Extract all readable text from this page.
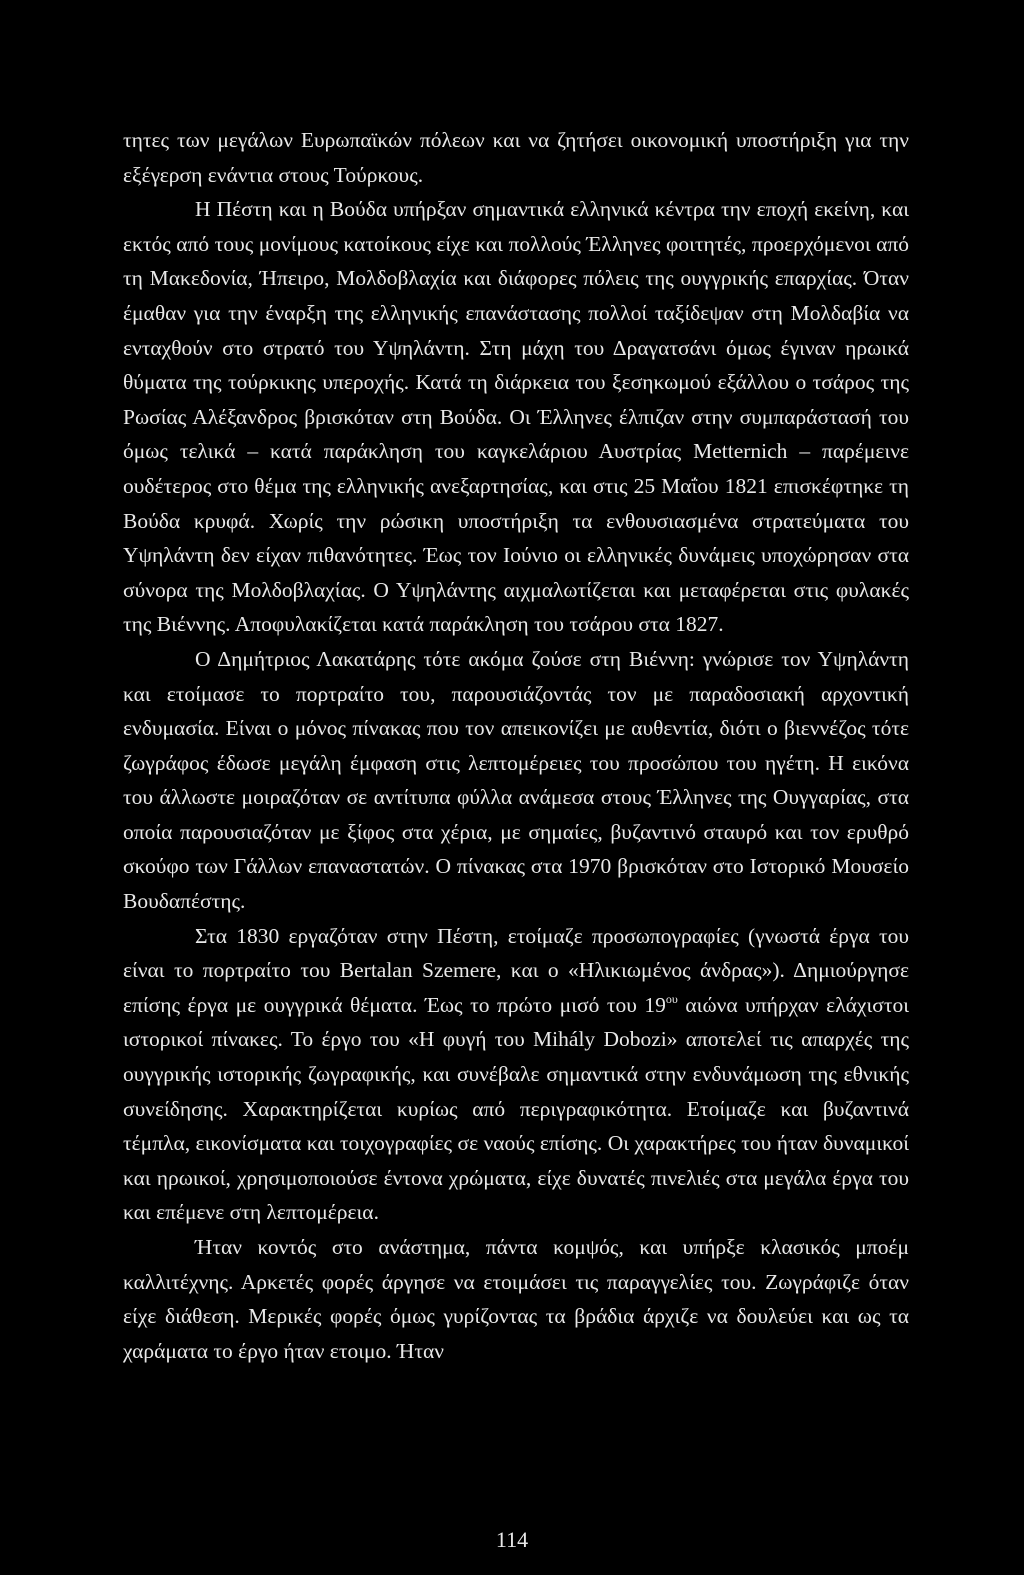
τητες των μεγάλων Ευρωπαϊκών πόλεων και να ζητήσει οικονομική υποστήριξη για την εξέγερση ενάντια στους Τούρκους.

Η Πέστη και η Βούδα υπήρξαν σημαντικά ελληνικά κέντρα την εποχή εκείνη, και εκτός από τους μονίμους κατοίκους είχε και πολλούς Έλληνες φοιτητές, προερχόμενοι από τη Μακεδονία, Ήπειρο, Μολδοβλαχία και διάφορες πόλεις της ουγγρικής επαρχίας. Όταν έμαθαν για την έναρξη της ελληνικής επανάστασης πολλοί ταξίδεψαν στη Μολδαβία να ενταχθούν στο στρατό του Υψηλάντη. Στη μάχη του Δραγατσάνι όμως έγιναν ηρωικά θύματα της τούρκικης υπεροχής. Κατά τη διάρκεια του ξεσηκωμού εξάλλου ο τσάρος της Ρωσίας Αλέξανδρος βρισκόταν στη Βούδα. Οι Έλληνες έλπιζαν στην συμπαράστασή του όμως τελικά – κατά παράκληση του καγκελάριου Αυστρίας Metternich – παρέμεινε ουδέτερος στο θέμα της ελληνικής ανεξαρτησίας, και στις 25 Μαΐου 1821 επισκέφτηκε τη Βούδα κρυφά. Χωρίς την ρώσικη υποστήριξη τα ενθουσιασμένα στρατεύματα του Υψηλάντη δεν είχαν πιθανότητες. Έως τον Ιούνιο οι ελληνικές δυνάμεις υποχώρησαν στα σύνορα της Μολδοβλαχίας. Ο Υψηλάντης αιχμαλωτίζεται και μεταφέρεται στις φυλακές της Βιέννης. Αποφυλακίζεται κατά παράκληση του τσάρου στα 1827.

Ο Δημήτριος Λακατάρης τότε ακόμα ζούσε στη Βιέννη: γνώρισε τον Υψηλάντη και ετοίμασε το πορτραίτο του, παρουσιάζοντάς τον με παραδοσιακή αρχοντική ενδυμασία. Είναι ο μόνος πίνακας που τον απεικονίζει με αυθεντία, διότι ο βιεννέζος τότε ζωγράφος έδωσε μεγάλη έμφαση στις λεπτομέρειες του προσώπου του ηγέτη. Η εικόνα του άλλωστε μοιραζόταν σε αντίτυπα φύλλα ανάμεσα στους Έλληνες της Ουγγαρίας, στα οποία παρουσιαζόταν με ξίφος στα χέρια, με σημαίες, βυζαντινό σταυρό και τον ερυθρό σκούφο των Γάλλων επαναστατών. Ο πίνακας στα 1970 βρισκόταν στο Ιστορικό Μουσείο Βουδαπέστης.

Στα 1830 εργαζόταν στην Πέστη, ετοίμαζε προσωπογραφίες (γνωστά έργα του είναι το πορτραίτο του Bertalan Szemere, και ο «Ηλικιωμένος άνδρας»). Δημιούργησε επίσης έργα με ουγγρικά θέματα. Έως το πρώτο μισό του $19^{o\upsilon}$ αιώνα υπήρχαν ελάχιστοι ιστορικοί πίνακες. Το έργο του «Η φυγή του Mihály Dobozi» αποτελεί τις απαρχές της ουγγρικής ιστορικής ζωγραφικής, και συνέβαλε σημαντικά στην ενδυνάμωση της εθνικής συνείδησης. Χαρακτηρίζεται κυρίως από περιγραφικότητα. Ετοίμαζε και βυζαντινά τέμπλα, εικονίσματα και τοιχογραφίες σε ναούς επίσης. Οι χαρακτήρες του ήταν δυναμικοί και ηρωικοί, χρησιμοποιούσε έντονα χρώματα, είχε δυνατές πινελιές στα μεγάλα έργα του και επέμενε στη λεπτομέρεια.

Ήταν κοντός στο ανάστημα, πάντα κομψός, και υπήρξε κλασικός μποέμ καλλιτέχνης. Αρκετές φορές άργησε να ετοιμάσει τις παραγγελίες του. Ζωγράφιζε όταν είχε διάθεση. Μερικές φορές όμως γυρίζοντας τα βράδια άρχιζε να δουλεύει και ως τα χαράματα το έργο ήταν ετοιμο. Ήταν

114
